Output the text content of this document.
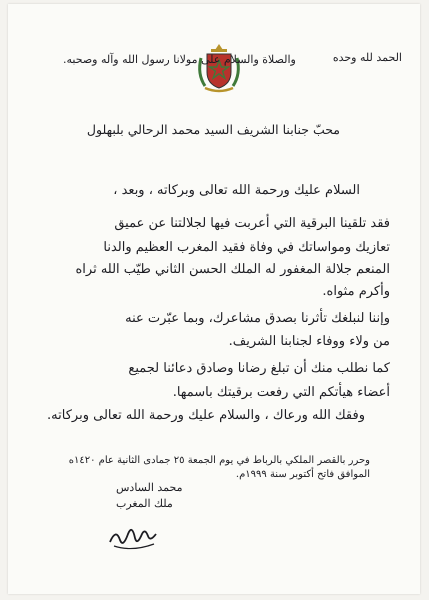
الحمد لله وحده
والصلاة والسلام على مولانا رسول الله وآله وصحبه.
محبّ جنابنا الشريف السيد محمد الرحالي بلبهلول
السلام عليك ورحمة الله تعالى وبركاته ، وبعد ،
فقد تلقينا البرقية التي أعربت فيها لجلالتنا عن عميق
تعازيك ومواساتك في وفاة فقيد المغرب العظيم والدنا
المنعم جلالة المغفور له الملك الحسن الثاني طيّب الله ثراه
وأكرم مثواه.
وإننا لنبلغك تأثرنا بصدق مشاعرك، وبما عبّرت عنه
من ولاء ووفاء لجنابنا الشريف.
كما نطلب منك أن تبلغ رضانا وصادق دعائنا لجميع
أعضاء هيأتكم التي رفعت برقيتك باسمها.
وفقك الله ورعاك ، والسلام عليك ورحمة الله تعالى وبركاته.
وحرر بالقصر الملكي بالرباط في يوم الجمعة ٢٥ جمادى الثانية عام ١٤٢٠ه
الموافق فاتح أكتوبر سنة ١٩٩٩م.
محمد السادس
ملك المغرب
